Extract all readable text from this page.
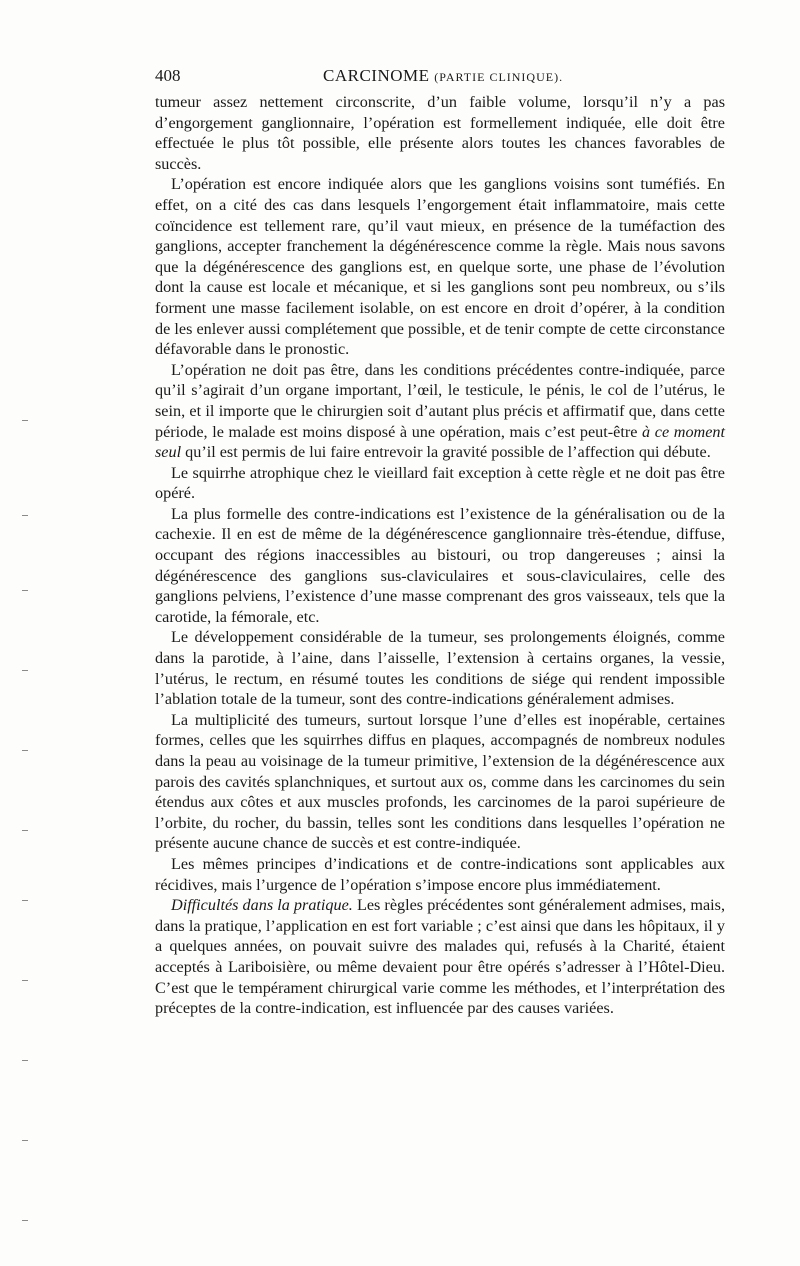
408	CARCINOME (PARTIE CLINIQUE).

tumeur assez nettement circonscrite, d’un faible volume, lorsqu’il n’y a pas d’engorgement ganglionnaire, l’opération est formellement indiquée, elle doit être effectuée le plus tôt possible, elle présente alors toutes les chances favorables de succès.

L’opération est encore indiquée alors que les ganglions voisins sont tuméfiés. En effet, on a cité des cas dans lesquels l’engorgement était inflammatoire, mais cette coïncidence est tellement rare, qu’il vaut mieux, en présence de la tuméfaction des ganglions, accepter franchement la dégénérescence comme la règle. Mais nous savons que la dégénérescence des ganglions est, en quelque sorte, une phase de l’évolution dont la cause est locale et mécanique, et si les ganglions sont peu nombreux, ou s’ils forment une masse facilement isolable, on est encore en droit d’opérer, à la condition de les enlever aussi complétement que possible, et de tenir compte de cette circonstance défavorable dans le pronostic.

L’opération ne doit pas être, dans les conditions précédentes contre-indiquée, parce qu’il s’agirait d’un organe important, l’œil, le testicule, le pénis, le col de l’utérus, le sein, et il importe que le chirurgien soit d’autant plus précis et affirmatif que, dans cette période, le malade est moins disposé à une opération, mais c’est peut-être à ce moment seul qu’il est permis de lui faire entrevoir la gravité possible de l’affection qui débute.

Le squirrhe atrophique chez le vieillard fait exception à cette règle et ne doit pas être opéré.

La plus formelle des contre-indications est l’existence de la généralisation ou de la cachexie. Il en est de même de la dégénérescence ganglionnaire très-étendue, diffuse, occupant des régions inaccessibles au bistouri, ou trop dangereuses ; ainsi la dégénérescence des ganglions sus-claviculaires et sous-claviculaires, celle des ganglions pelviens, l’existence d’une masse comprenant des gros vaisseaux, tels que la carotide, la fémorale, etc.

Le développement considérable de la tumeur, ses prolongements éloignés, comme dans la parotide, à l’aine, dans l’aisselle, l’extension à certains organes, la vessie, l’utérus, le rectum, en résumé toutes les conditions de siége qui rendent impossible l’ablation totale de la tumeur, sont des contre-indications généralement admises.

La multiplicité des tumeurs, surtout lorsque l’une d’elles est inopérable, certaines formes, celles que les squirrhes diffus en plaques, accompagnés de nombreux nodules dans la peau au voisinage de la tumeur primitive, l’extension de la dégénérescence aux parois des cavités splanchniques, et surtout aux os, comme dans les carcinomes du sein étendus aux côtes et aux muscles profonds, les carcinomes de la paroi supérieure de l’orbite, du rocher, du bassin, telles sont les conditions dans lesquelles l’opération ne présente aucune chance de succès et est contre-indiquée.

Les mêmes principes d’indications et de contre-indications sont applicables aux récidives, mais l’urgence de l’opération s’impose encore plus immédiatement.

Difficultés dans la pratique. Les règles précédentes sont généralement admises, mais, dans la pratique, l’application en est fort variable ; c’est ainsi que dans les hôpitaux, il y a quelques années, on pouvait suivre des malades qui, refusés à la Charité, étaient acceptés à Lariboisière, ou même devaient pour être opérés s’adresser à l’Hôtel-Dieu. C’est que le tempérament chirurgical varie comme les méthodes, et l’interprétation des préceptes de la contre-indication, est influencée par des causes variées.
